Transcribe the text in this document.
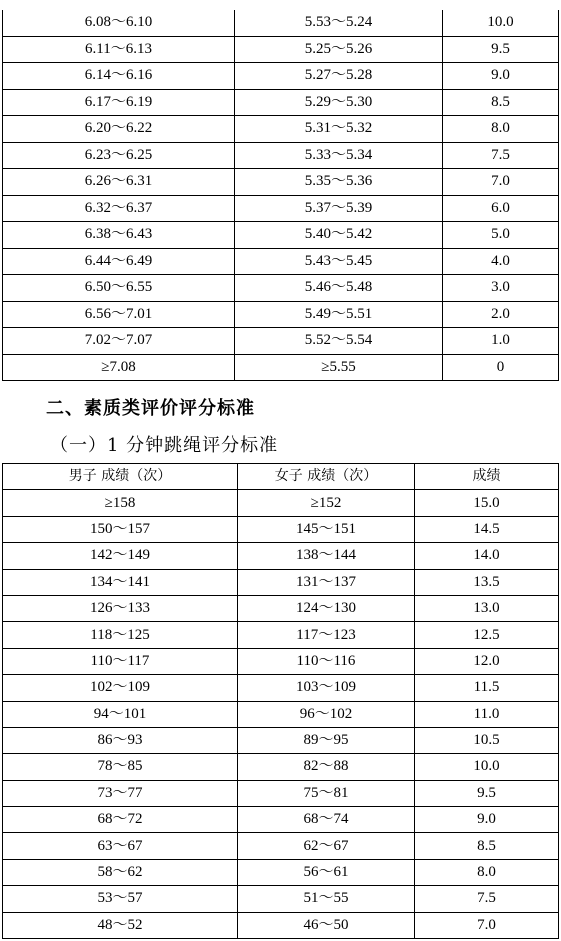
6.08～6.10	5.53～5.24	10.0
6.11～6.13	5.25～5.26	9.5
6.14～6.16	5.27～5.28	9.0
6.17～6.19	5.29～5.30	8.5
6.20～6.22	5.31～5.32	8.0
6.23～6.25	5.33～5.34	7.5
6.26～6.31	5.35～5.36	7.0
6.32～6.37	5.37～5.39	6.0
6.38～6.43	5.40～5.42	5.0
6.44～6.49	5.43～5.45	4.0
6.50～6.55	5.46～5.48	3.0
6.56～7.01	5.49～5.51	2.0
7.02～7.07	5.52～5.54	1.0
≥7.08	≥5.55	0
二、素质类评价评分标准
（一）1 分钟跳绳评分标准
男子 成绩（次）	女子 成绩（次）	成绩
≥158	≥152	15.0
150～157	145～151	14.5
142～149	138～144	14.0
134～141	131～137	13.5
126～133	124～130	13.0
118～125	117～123	12.5
110～117	110～116	12.0
102～109	103～109	11.5
94～101	96～102	11.0
86～93	89～95	10.5
78～85	82～88	10.0
73～77	75～81	9.5
68～72	68～74	9.0
63～67	62～67	8.5
58～62	56～61	8.0
53～57	51～55	7.5
48～52	46～50	7.0
